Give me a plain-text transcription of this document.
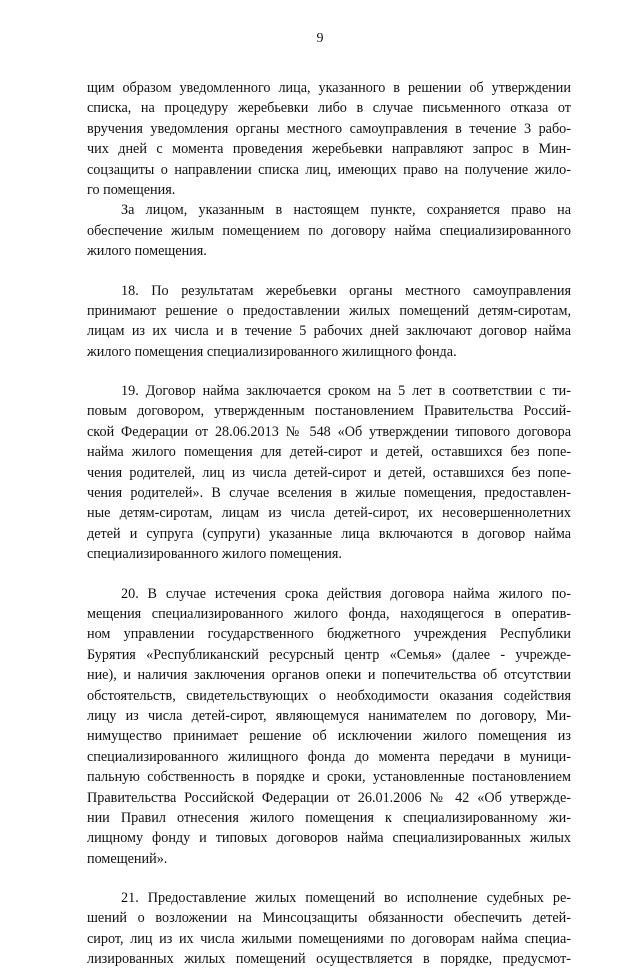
9
щим образом уведомленного лица, указанного в решении об утверждении
списка, на процедуру жеребьевки либо в случае письменного отказа от
вручения уведомления органы местного самоуправления в течение 3 рабо-
чих дней с момента проведения жеребьевки направляют запрос в Мин-
соцзащиты о направлении списка лиц, имеющих право на получение жило-
го помещения.
За лицом, указанным в настоящем пункте, сохраняется право на
обеспечение жилым помещением по договору найма специализированного
жилого помещения.
18. По результатам жеребьевки органы местного самоуправления
принимают решение о предоставлении жилых помещений детям-сиротам,
лицам из их числа и в течение 5 рабочих дней заключают договор найма
жилого помещения специализированного жилищного фонда.
19. Договор найма заключается сроком на 5 лет в соответствии с ти-
повым договором, утвержденным постановлением Правительства Россий-
ской Федерации от 28.06.2013 № 548 «Об утверждении типового договора
найма жилого помещения для детей-сирот и детей, оставшихся без попе-
чения родителей, лиц из числа детей-сирот и детей, оставшихся без попе-
чения родителей». В случае вселения в жилые помещения, предоставлен-
ные детям-сиротам, лицам из числа детей-сирот, их несовершеннолетних
детей и супруга (супруги) указанные лица включаются в договор найма
специализированного жилого помещения.
20. В случае истечения срока действия договора найма жилого по-
мещения специализированного жилого фонда, находящегося в оператив-
ном управлении государственного бюджетного учреждения Республики
Бурятия «Республиканский ресурсный центр «Семья» (далее - учрежде-
ние), и наличия заключения органов опеки и попечительства об отсутствии
обстоятельств, свидетельствующих о необходимости оказания содействия
лицу из числа детей-сирот, являющемуся нанимателем по договору, Ми-
нимущество принимает решение об исключении жилого помещения из
специализированного жилищного фонда до момента передачи в муници-
пальную собственность в порядке и сроки, установленные постановлением
Правительства Российской Федерации от 26.01.2006 № 42 «Об утвержде-
нии Правил отнесения жилого помещения к специализированному жи-
лищному фонду и типовых договоров найма специализированных жилых
помещений».
21. Предоставление жилых помещений во исполнение судебных ре-
шений о возложении на Минсоцзащиты обязанности обеспечить детей-
сирот, лиц из их числа жилыми помещениями по договорам найма специа-
лизированных жилых помещений осуществляется в порядке, предусмот-
